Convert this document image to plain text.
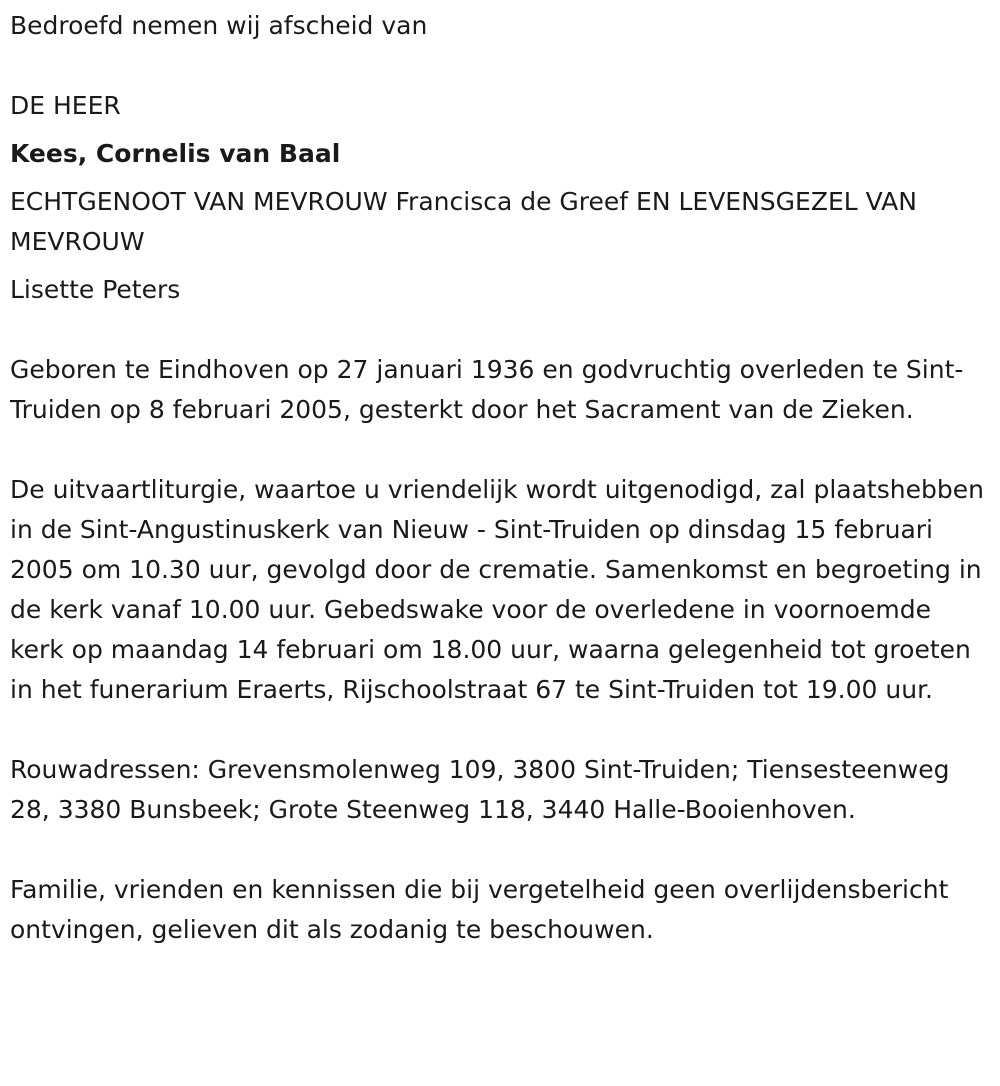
Bedroefd nemen wij afscheid van

DE HEER

Kees, Cornelis van Baal

ECHTGENOOT VAN MEVROUW Francisca de Greef EN LEVENSGEZEL VAN MEVROUW

Lisette Peters

Geboren te Eindhoven op 27 januari 1936 en godvruchtig overleden te Sint-Truiden op 8 februari 2005, gesterkt door het Sacrament van de Zieken.

De uitvaartliturgie, waartoe u vriendelijk wordt uitgenodigd, zal plaatshebben in de Sint-Angustinuskerk van Nieuw - Sint-Truiden op dinsdag 15 februari 2005 om 10.30 uur, gevolgd door de crematie. Samenkomst en begroeting in de kerk vanaf 10.00 uur. Gebedswake voor de overledene in voornoemde kerk op maandag 14 februari om 18.00 uur, waarna gelegenheid tot groeten in het funerarium Eraerts, Rijschoolstraat 67 te Sint-Truiden tot 19.00 uur.

Rouwadressen: Grevensmolenweg 109, 3800 Sint-Truiden; Tiensesteenweg 28, 3380 Bunsbeek; Grote Steenweg 118, 3440 Halle-Booienhoven.

Familie, vrienden en kennissen die bij vergetelheid geen overlijdensbericht ontvingen, gelieven dit als zodanig te beschouwen.
